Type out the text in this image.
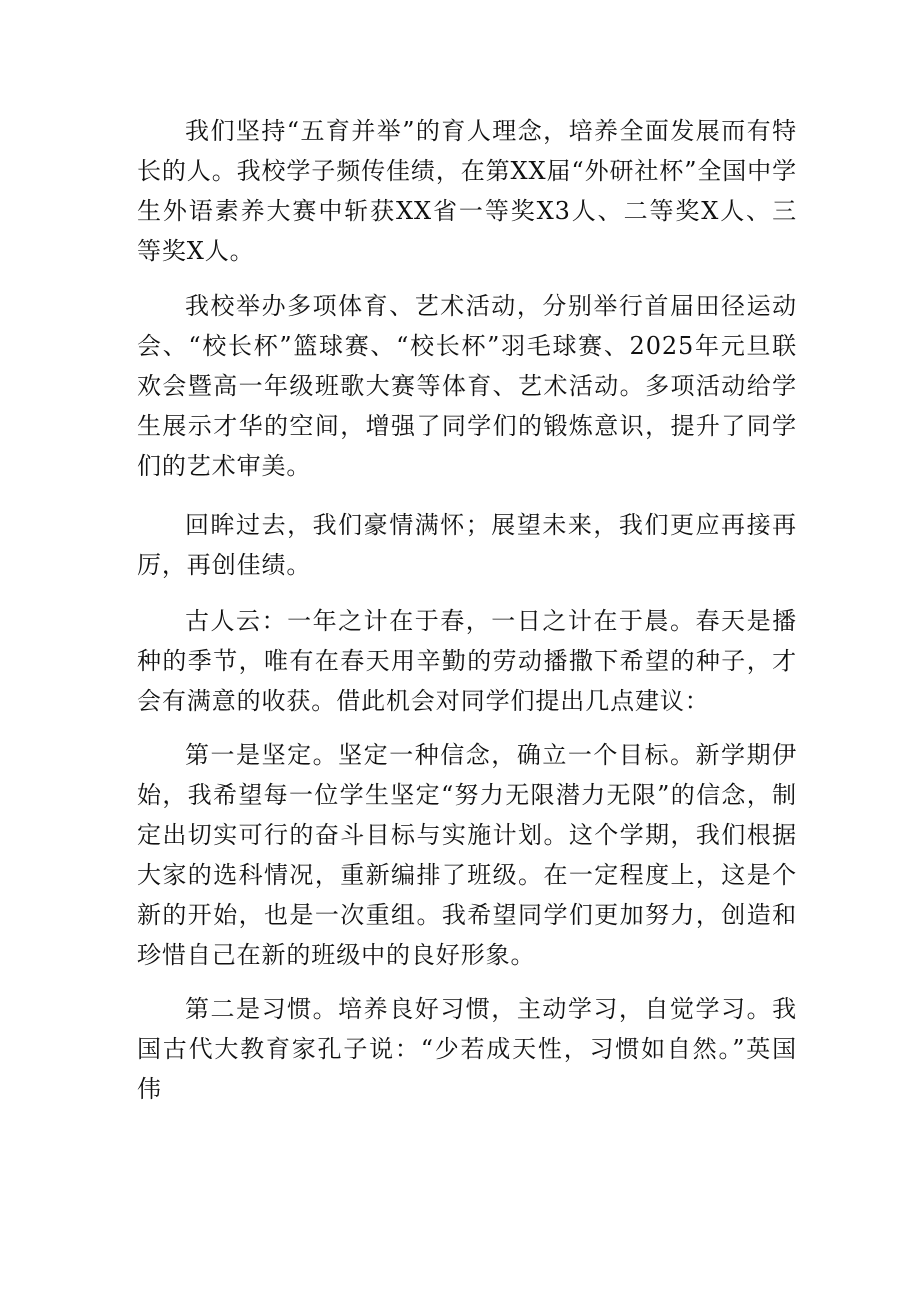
我们坚持“五育并举”的育人理念，培养全面发展而有特长的人。我校学子频传佳绩，在第XX届“外研社杯”全国中学生外语素养大赛中斩获XX省一等奖X3人、二等奖X人、三等奖X人。

我校举办多项体育、艺术活动，分别举行首届田径运动会、“校长杯”篮球赛、“校长杯”羽毛球赛、2025年元旦联欢会暨高一年级班歌大赛等体育、艺术活动。多项活动给学生展示才华的空间，增强了同学们的锻炼意识，提升了同学们的艺术审美。

回眸过去，我们豪情满怀；展望未来，我们更应再接再厉，再创佳绩。

古人云：一年之计在于春，一日之计在于晨。春天是播种的季节，唯有在春天用辛勤的劳动播撒下希望的种子，才会有满意的收获。借此机会对同学们提出几点建议：

第一是坚定。坚定一种信念，确立一个目标。新学期伊始，我希望每一位学生坚定“努力无限潜力无限”的信念，制定出切实可行的奋斗目标与实施计划。这个学期，我们根据大家的选科情况，重新编排了班级。在一定程度上，这是个新的开始，也是一次重组。我希望同学们更加努力，创造和珍惜自己在新的班级中的良好形象。

第二是习惯。培养良好习惯，主动学习，自觉学习。我国古代大教育家孔子说：“少若成天性，习惯如自然。”英国伟
